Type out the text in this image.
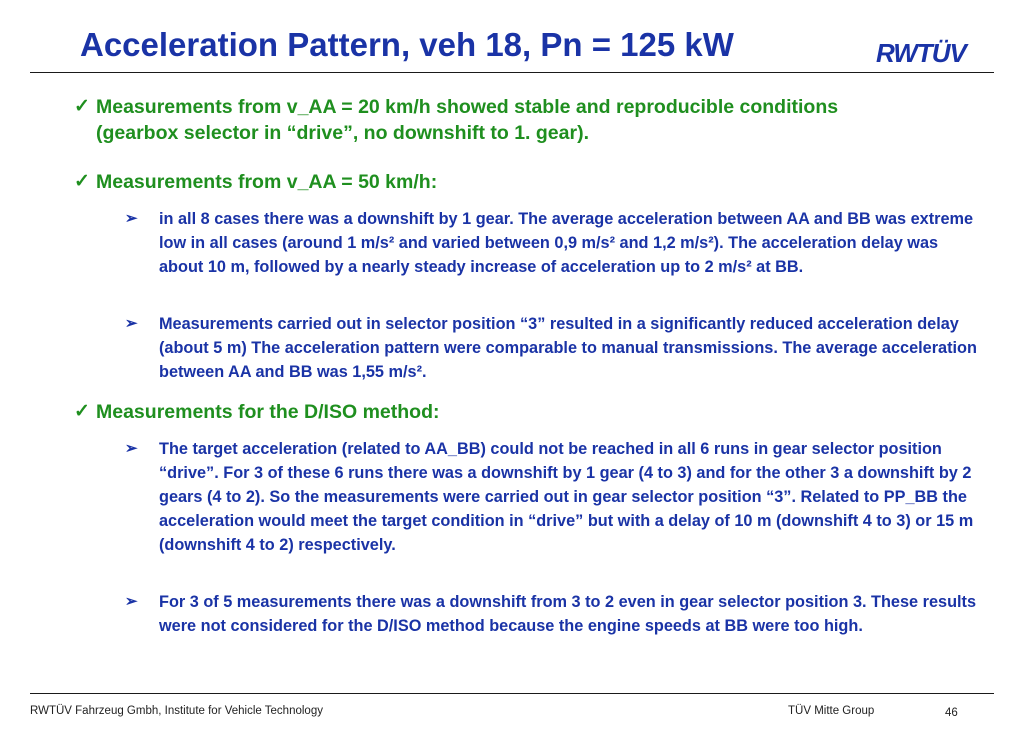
Acceleration Pattern, veh 18, Pn = 125 kW	RWTÜV
✓ Measurements from v_AA = 20 km/h showed stable and reproducible conditions (gearbox selector in “drive”, no downshift to 1. gear).
✓ Measurements from v_AA = 50 km/h:
➢ in all 8 cases there was a downshift by 1 gear. The average acceleration between AA and BB was extreme low in all cases (around 1 m/s² and varied between 0,9 m/s² and 1,2 m/s²). The acceleration delay was about 10 m, followed by a nearly steady increase of acceleration up to 2 m/s² at BB.
➢ Measurements carried out in selector position “3” resulted in a significantly reduced acceleration delay (about 5 m) The acceleration pattern were comparable to manual transmissions. The average acceleration between AA and BB was 1,55 m/s².
✓ Measurements for the D/ISO method:
➢ The target acceleration (related to AA_BB) could not be reached in all 6 runs in gear selector position “drive”. For 3 of these 6 runs there was a downshift by 1 gear (4 to 3) and for the other 3 a downshift by 2 gears (4 to 2). So the measurements were carried out in gear selector position “3”. Related to PP_BB the acceleration would meet the target condition in “drive” but with a delay of 10 m (downshift 4 to 3) or 15 m (downshift 4 to 2) respectively.
➢ For 3 of 5 measurements there was a downshift from 3 to 2 even in gear selector position 3. These results were not considered for the D/ISO method because the engine speeds at BB were too high.
RWTÜV Fahrzeug Gmbh, Institute for Vehicle Technology	TÜV Mitte Group	46
